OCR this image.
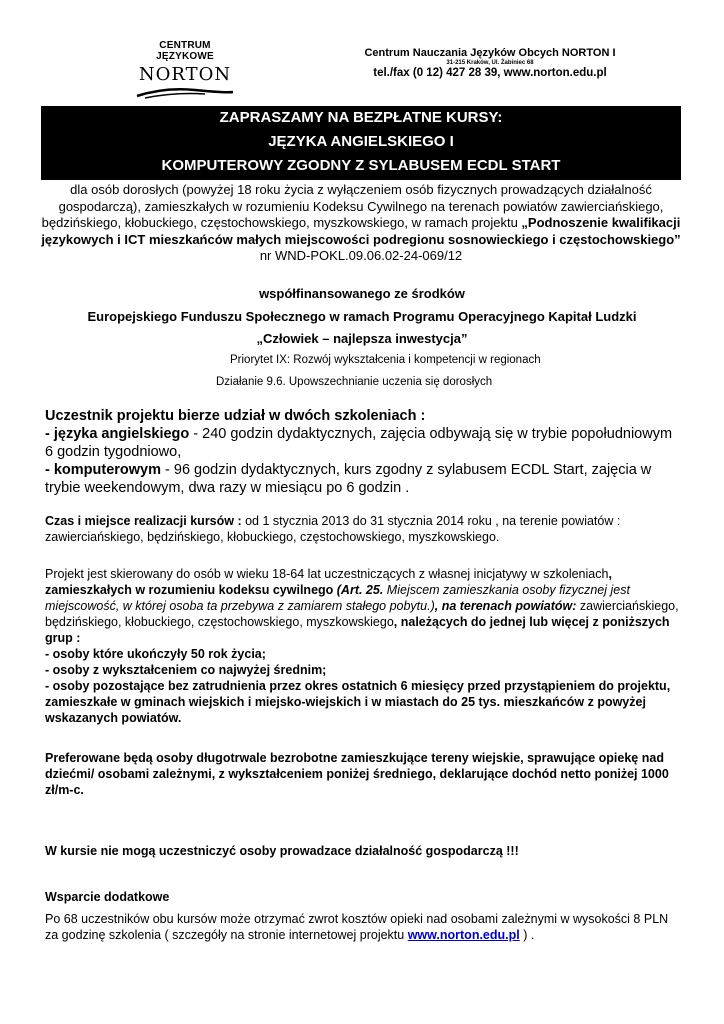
CENTRUM JĘZYKOWE
NORTON
Centrum Nauczania Języków Obcych NORTON I
31-215 Kraków, Ul. Żabiniec 68
tel./fax (0 12) 427 28 39, www.norton.edu.pl
ZAPRASZAMY NA BEZPŁATNE KURSY:
JĘZYKA ANGIELSKIEGO I
KOMPUTEROWY ZGODNY Z SYLABUSEM ECDL START
dla osób dorosłych (powyżej 18 roku życia z wyłączeniem osób fizycznych prowadzących działalność gospodarczą), zamieszkałych w rozumieniu Kodeksu Cywilnego na terenach powiatów zawierciańskiego, będzińskiego, kłobuckiego, częstochowskiego, myszkowskiego, w ramach projektu „Podnoszenie kwalifikacji językowych i ICT mieszkańców małych miejscowości podregionu sosnowieckiego i częstochowskiego”
nr WND-POKL.09.06.02-24-069/12
współfinansowanego ze środków
Europejskiego Funduszu Społecznego w ramach Programu Operacyjnego Kapitał Ludzki
„Człowiek – najlepsza inwestycja”
Priorytet IX: Rozwój wykształcenia i kompetencji w regionach
Działanie 9.6. Upowszechnianie uczenia się dorosłych
Uczestnik projektu bierze udział w dwóch szkoleniach :
- języka angielskiego - 240 godzin dydaktycznych, zajęcia odbywają się w trybie popołudniowym 6 godzin tygodniowo,
- komputerowym - 96 godzin dydaktycznych, kurs zgodny z sylabusem ECDL Start, zajęcia w trybie weekendowym, dwa razy w miesiącu po 6 godzin .
Czas i miejsce realizacji kursów : od 1 stycznia 2013 do 31 stycznia 2014 roku , na terenie powiatów : zawierciańskiego, będzińskiego, kłobuckiego, częstochowskiego, myszkowskiego.
Projekt jest skierowany do osób w wieku 18-64 lat uczestniczących z własnej inicjatywy w szkoleniach, zamieszkałych w rozumieniu kodeksu cywilnego (Art. 25. Miejscem zamieszkania osoby fizycznej jest miejscowość, w której osoba ta przebywa z zamiarem stałego pobytu.), na terenach powiatów: zawierciańskiego, będzińskiego, kłobuckiego, częstochowskiego, myszkowskiego, należących do jednej lub więcej z poniższych grup :
- osoby które ukończyły 50 rok życia;
- osoby z wykształceniem co najwyżej średnim;
- osoby pozostające bez zatrudnienia przez okres ostatnich 6 miesięcy przed przystąpieniem do projektu,
zamieszkałe w gminach wiejskich i miejsko-wiejskich i w miastach do 25 tys. mieszkańców z powyżej wskazanych powiatów.
Preferowane będą osoby długotrwale bezrobotne zamieszkujące tereny wiejskie, sprawujące opiekę nad dziećmi/ osobami zależnymi, z wykształceniem poniżej średniego, deklarujące dochód netto poniżej 1000 zł/m-c.
W kursie nie mogą uczestniczyć osoby prowadzace działalność gospodarczą !!!
Wsparcie dodatkowe
Po 68 uczestników obu kursów może otrzymać zwrot kosztów opieki nad osobami zależnymi w wysokości 8 PLN za godzinę szkolenia ( szczegóły na stronie internetowej projektu www.norton.edu.pl ) .
